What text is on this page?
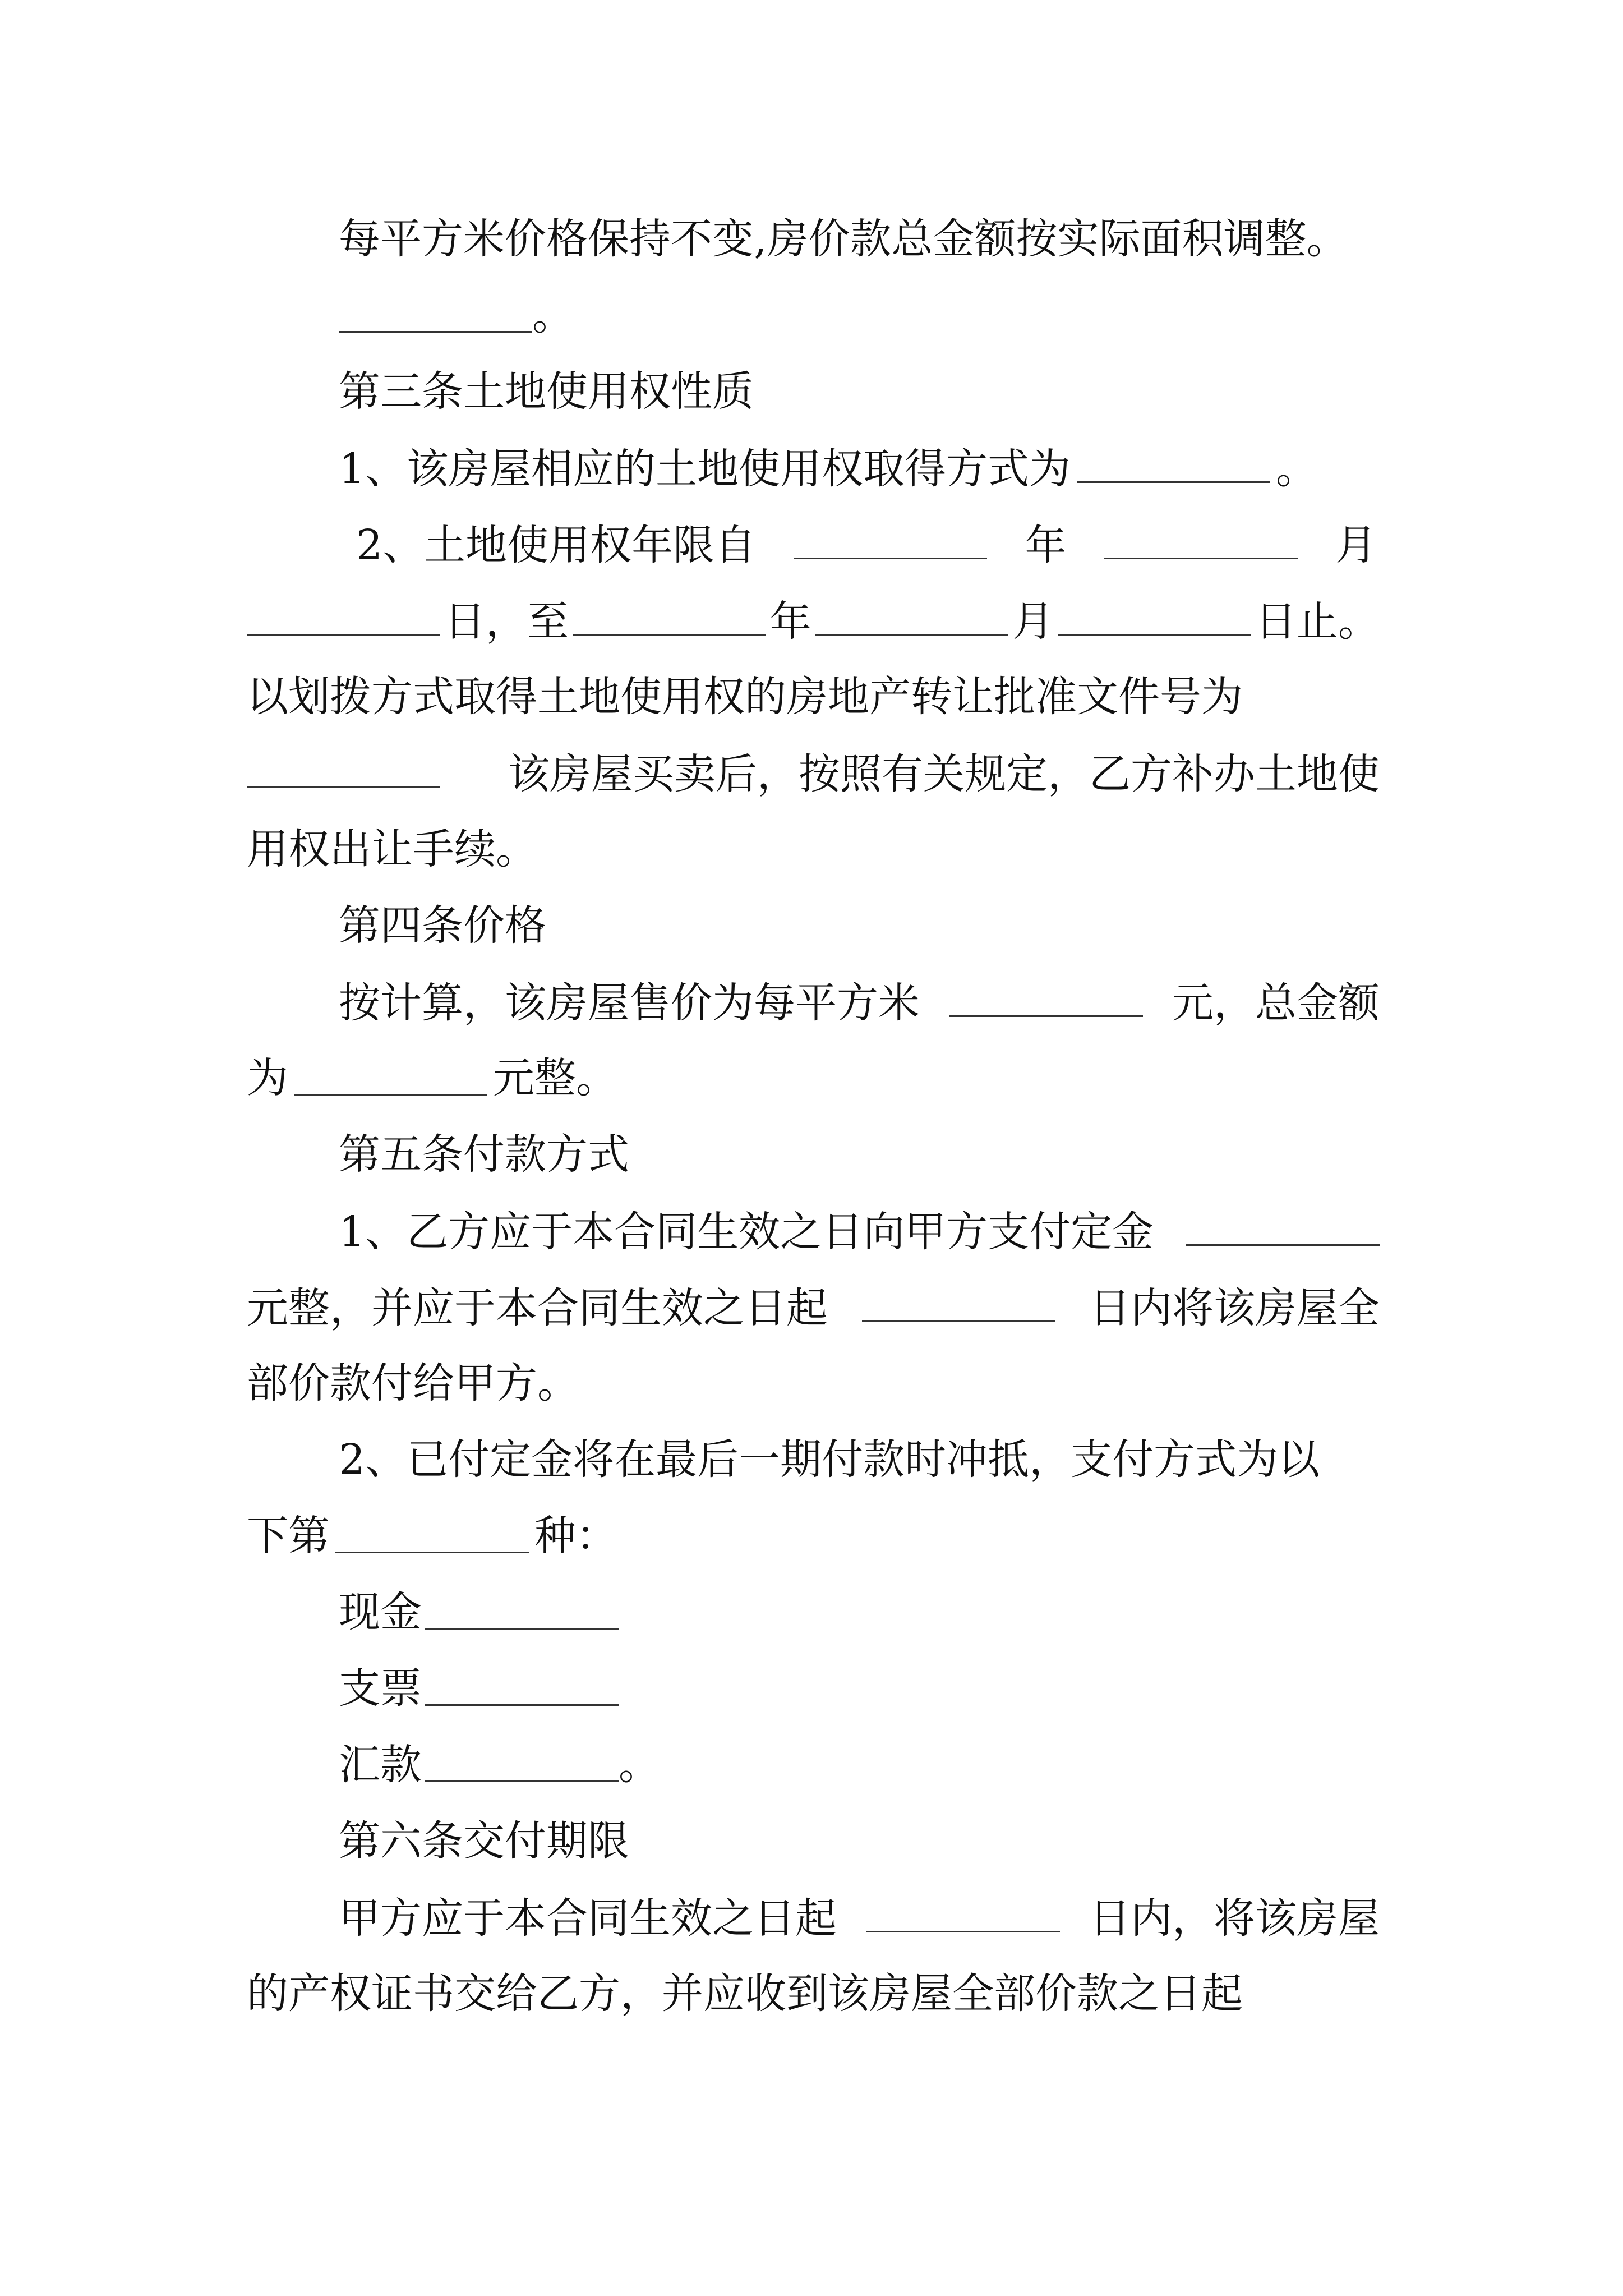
每平方米价格保持不变,房价款总金额按实际面积调整。
。
第三条土地使用权性质
1、该房屋相应的土地使用权取得方式为	。
2、土地使用权年限自	年	月
日，至	年	月	日止。
以划拨方式取得土地使用权的房地产转让批准文件号为
该房屋买卖后，按照有关规定，乙方补办土地使
用权出让手续。
第四条价格
按计算，该房屋售价为每平方米	元，总金额
为	元整。
第五条付款方式
1、乙方应于本合同生效之日向甲方支付定金
元整，并应于本合同生效之日起	日内将该房屋全
部价款付给甲方。
2、已付定金将在最后一期付款时冲抵，支付方式为以
下第	种：
现金
支票
汇款	。
第六条交付期限
甲方应于本合同生效之日起	日内，将该房屋
的产权证书交给乙方，并应收到该房屋全部价款之日起
